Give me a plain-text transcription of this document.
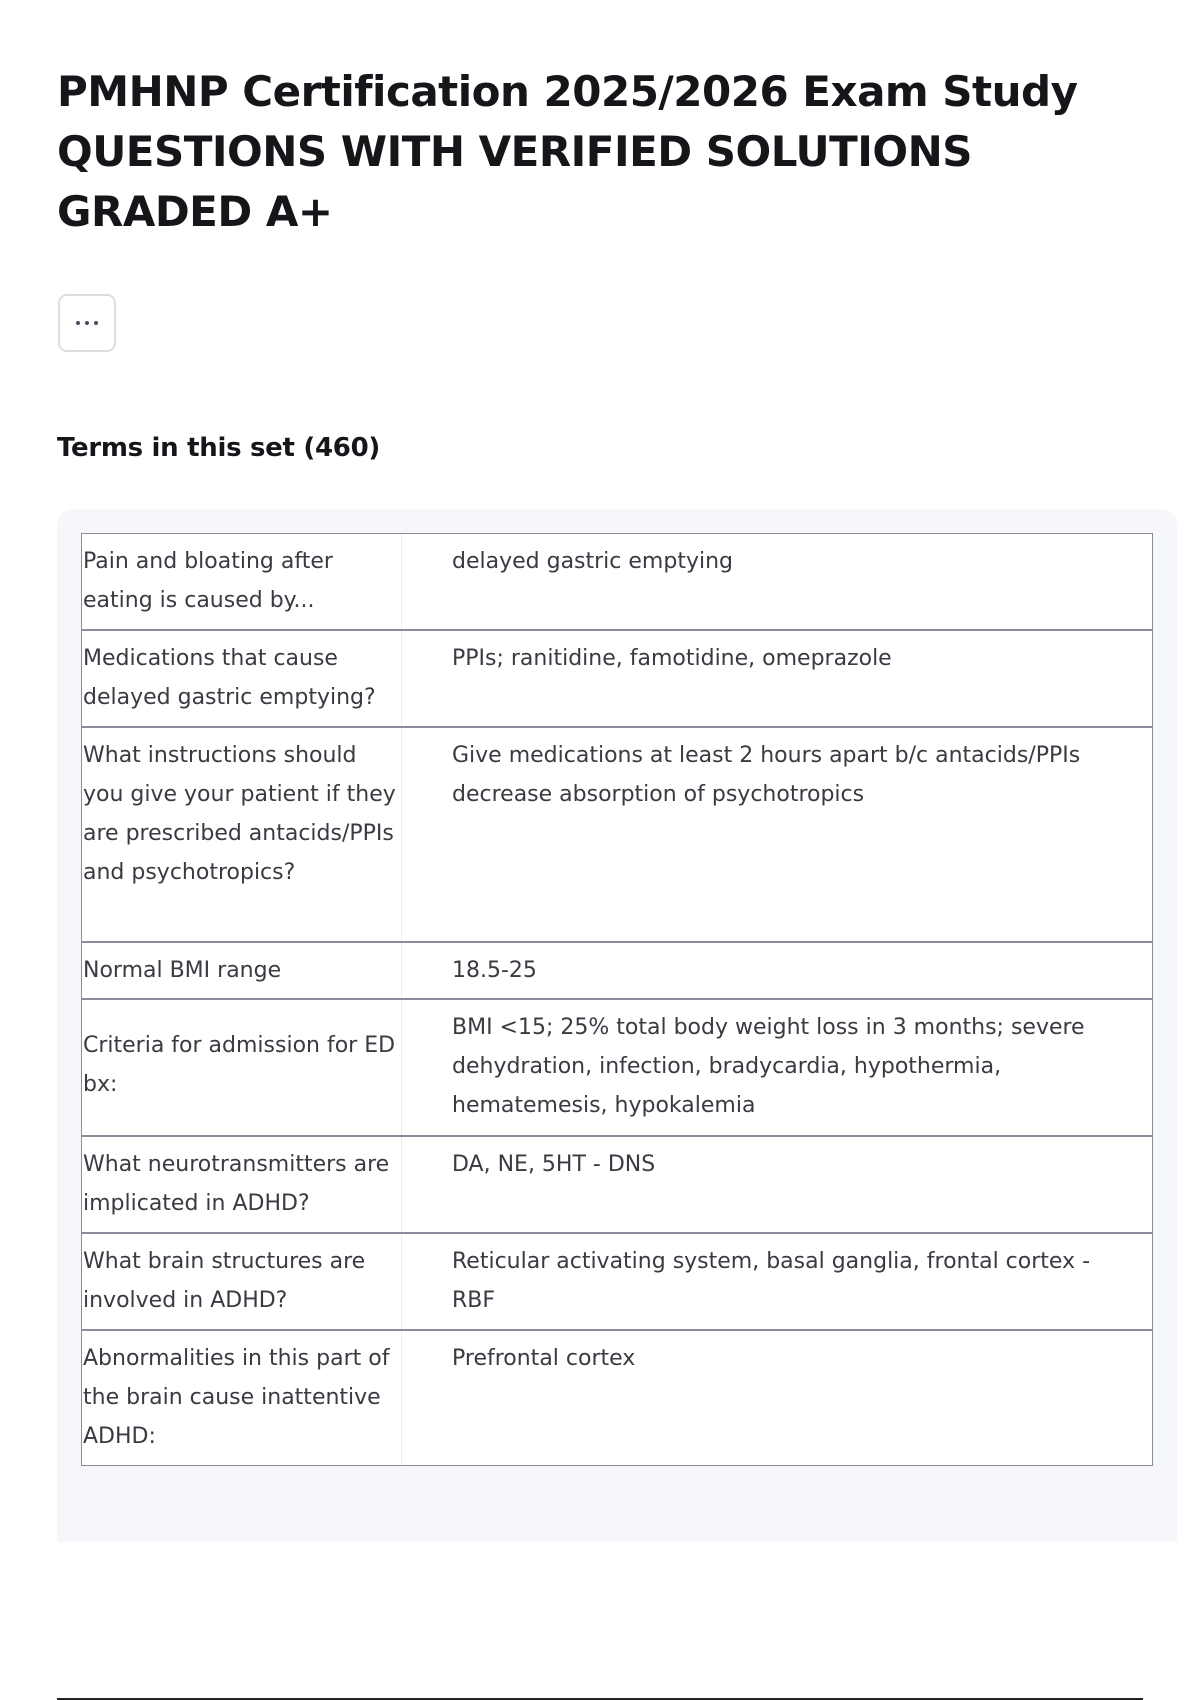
PMHNP Certification 2025/2026 Exam Study QUESTIONS WITH VERIFIED SOLUTIONS GRADED A+
Terms in this set (460)
Pain and bloating after eating is caused by...
delayed gastric emptying
Medications that cause delayed gastric emptying?
PPIs; ranitidine, famotidine, omeprazole
What instructions should you give your patient if they are prescribed antacids/PPIs and psychotropics?
Give medications at least 2 hours apart b/c antacids/PPIs decrease absorption of psychotropics
Normal BMI range	18.5-25
Criteria for admission for ED bx:
BMI <15; 25% total body weight loss in 3 months; severe dehydration, infection, bradycardia, hypothermia, hematemesis, hypokalemia
What neurotransmitters are implicated in ADHD?
DA, NE, 5HT - DNS
What brain structures are involved in ADHD?
Reticular activating system, basal ganglia, frontal cortex - RBF
Abnormalities in this part of the brain cause inattentive ADHD:
Prefrontal cortex
